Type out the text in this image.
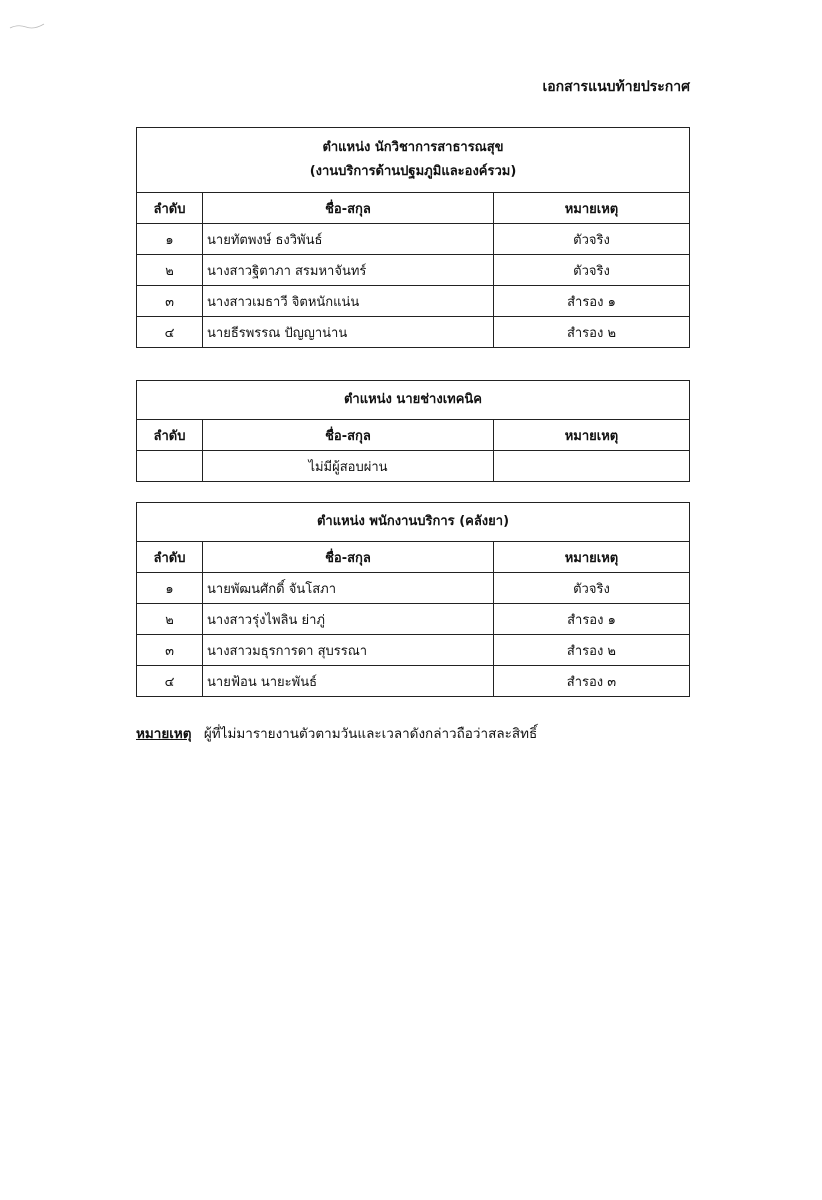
เอกสารแนบท้ายประกาศ
ตำแหน่ง นักวิชาการสาธารณสุข
(งานบริการด้านปฐมภูมิและองค์รวม)		

ลำดับ	ชื่อ-สกุล	หมายเหตุ
๑	นายทัตพงษ์ ธงวิพันธ์	ตัวจริง
๒	นางสาวฐิตาภา สรมหาจันทร์	ตัวจริง
๓	นางสาวเมธาวี จิตหนักแน่น	สำรอง ๑
๔	นายธีรพรรณ ปัญญาน่าน	สำรอง ๒
ตำแหน่ง นายช่างเทคนิค		
ลำดับ	ชื่อ-สกุล	หมายเหตุ
	ไม่มีผู้สอบผ่าน	
ตำแหน่ง พนักงานบริการ (คลังยา)		
ลำดับ	ชื่อ-สกุล	หมายเหตุ
๑	นายพัฒนศักดิ์ จันโสภา	ตัวจริง
๒	นางสาวรุ่งไพลิน ย่าภู่	สำรอง ๑
๓	นางสาวมธุรการดา สุบรรณา	สำรอง ๒
๔	นายฟ้อน นายะพันธ์	สำรอง ๓
หมายเหตุ ผู้ที่ไม่มารายงานตัวตามวันและเวลาดังกล่าวถือว่าสละสิทธิ์
